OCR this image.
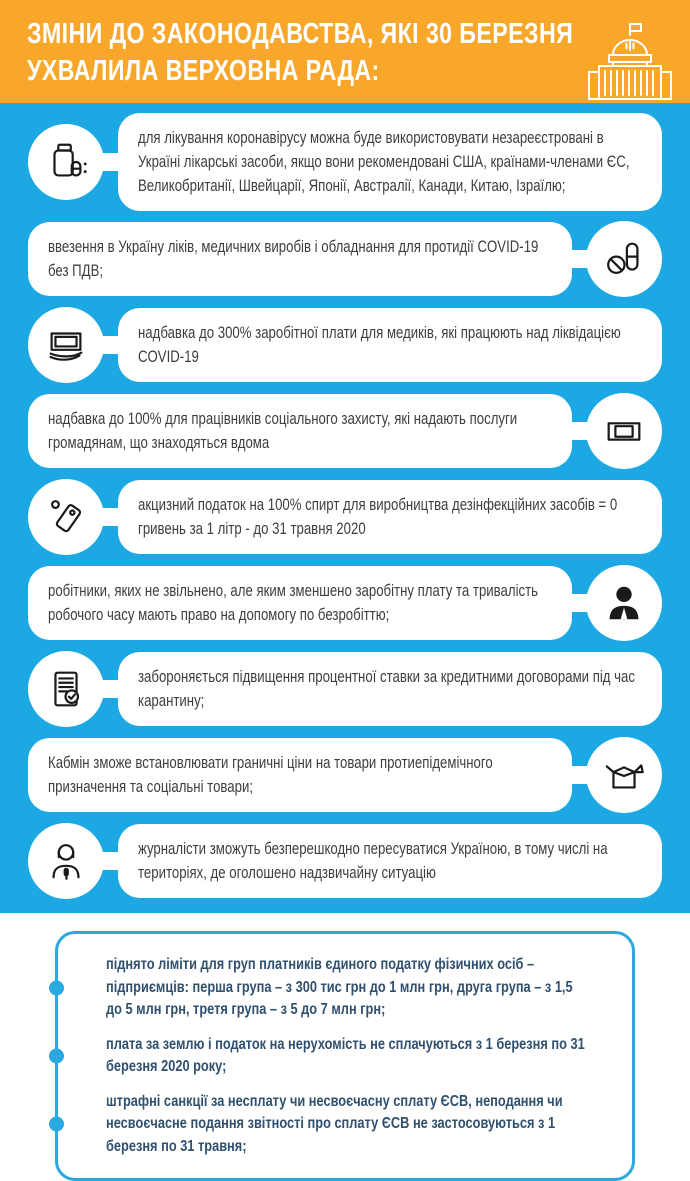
ЗМІНИ ДО ЗАКОНОДАВСТВА, ЯКІ 30 БЕРЕЗНЯ
УХВАЛИЛА ВЕРХОВНА РАДА:
для лікування коронавірусу можна буде використовувати незареєстровані в Україні лікарські засоби, якщо вони рекомендовані США, країнами-членами ЄС, Великобританії, Швейцарії, Японії, Австралії, Канади, Китаю, Ізраїлю;
ввезення в Україну ліків, медичних виробів і обладнання для протидії COVID-19 без ПДВ;
надбавка до 300% заробітної плати для медиків, які працюють над ліквідацією COVID-19
надбавка до 100% для працівників соціального захисту, які надають послуги громадянам, що знаходяться вдома
акцизний податок на 100% спирт для виробництва дезінфекційних засобів = 0 гривень за 1 літр - до 31 травня 2020
робітники, яких не звільнено, але яким зменшено заробітну плату та тривалість робочого часу мають право на допомогу по безробіттю;
забороняється підвищення процентної ставки за кредитними договорами під час карантину;
Кабмін зможе встановлювати граничні ціни на товари протиепідемічного призначення та соціальні товари;
журналісти зможуть безперешкодно пересуватися Україною, в тому числі на територіях, де оголошено надзвичайну ситуацію
піднято ліміти для груп платників єдиного податку фізичних осіб – підприємців: перша група – з 300 тис грн до 1 млн грн, друга група – з 1,5 до 5 млн грн, третя група – з 5 до 7 млн грн;
плата за землю і податок на нерухомість не сплачуються з 1 березня по 31 березня 2020 року;
штрафні санкції за несплату чи несвоєчасну сплату ЄСВ, неподання чи несвоєчасне подання звітності про сплату ЄСВ не застосовуються з 1 березня по 31 травня;
